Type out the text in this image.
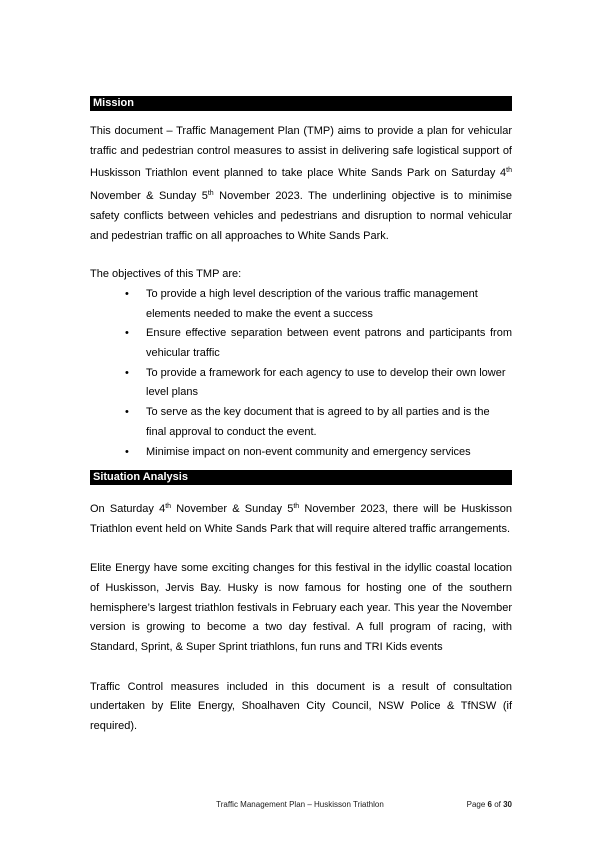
Mission

This document – Traffic Management Plan (TMP) aims to provide a plan for vehicular traffic and pedestrian control measures to assist in delivering safe logistical support of Huskisson Triathlon event planned to take place White Sands Park on Saturday 4th November & Sunday 5th November 2023. The underlining objective is to minimise safety conflicts between vehicles and pedestrians and disruption to normal vehicular and pedestrian traffic on all approaches to White Sands Park.

The objectives of this TMP are:

• To provide a high level description of the various traffic management elements needed to make the event a success
• Ensure effective separation between event patrons and participants from vehicular traffic
• To provide a framework for each agency to use to develop their own lower level plans
• To serve as the key document that is agreed to by all parties and is the final approval to conduct the event.
• Minimise impact on non-event community and emergency services
Situation Analysis

On Saturday 4th November & Sunday 5th November 2023, there will be Huskisson Triathlon event held on White Sands Park that will require altered traffic arrangements.

Elite Energy have some exciting changes for this festival in the idyllic coastal location of Huskisson, Jervis Bay. Husky is now famous for hosting one of the southern hemisphere’s largest triathlon festivals in February each year. This year the November version is growing to become a two day festival. A full program of racing, with Standard, Sprint, & Super Sprint triathlons, fun runs and TRI Kids events

Traffic Control measures included in this document is a result of consultation undertaken by Elite Energy, Shoalhaven City Council, NSW Police & TfNSW (if required).

Traffic Management Plan – Huskisson Triathlon	Page 6 of 30
